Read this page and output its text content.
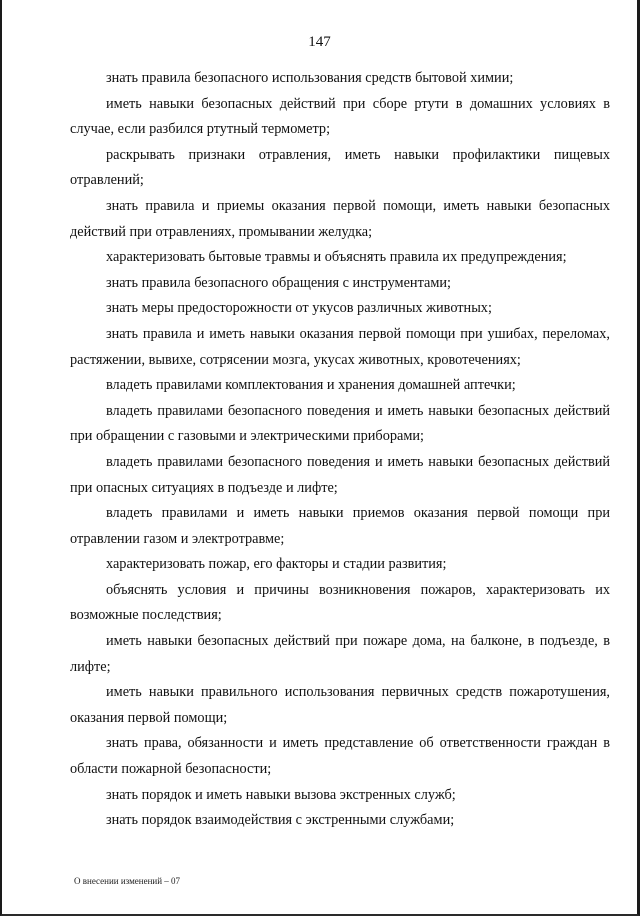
147

знать правила безопасного использования средств бытовой химии;

иметь навыки безопасных действий при сборе ртути в домашних условиях в случае, если разбился ртутный термометр;

раскрывать признаки отравления, иметь навыки профилактики пищевых отравлений;

знать правила и приемы оказания первой помощи, иметь навыки безопасных действий при отравлениях, промывании желудка;

характеризовать бытовые травмы и объяснять правила их предупреждения;

знать правила безопасного обращения с инструментами;

знать меры предосторожности от укусов различных животных;

знать правила и иметь навыки оказания первой помощи при ушибах, переломах, растяжении, вывихе, сотрясении мозга, укусах животных, кровотечениях;

владеть правилами комплектования и хранения домашней аптечки;

владеть правилами безопасного поведения и иметь навыки безопасных действий при обращении с газовыми и электрическими приборами;

владеть правилами безопасного поведения и иметь навыки безопасных действий при опасных ситуациях в подъезде и лифте;

владеть правилами и иметь навыки приемов оказания первой помощи при отравлении газом и электротравме;

характеризовать пожар, его факторы и стадии развития;

объяснять условия и причины возникновения пожаров, характеризовать их возможные последствия;

иметь навыки безопасных действий при пожаре дома, на балконе, в подъезде, в лифте;

иметь навыки правильного использования первичных средств пожаротушения, оказания первой помощи;

знать права, обязанности и иметь представление об ответственности граждан в области пожарной безопасности;

знать порядок и иметь навыки вызова экстренных служб;

знать порядок взаимодействия с экстренными службами;

О внесении изменений – 07
